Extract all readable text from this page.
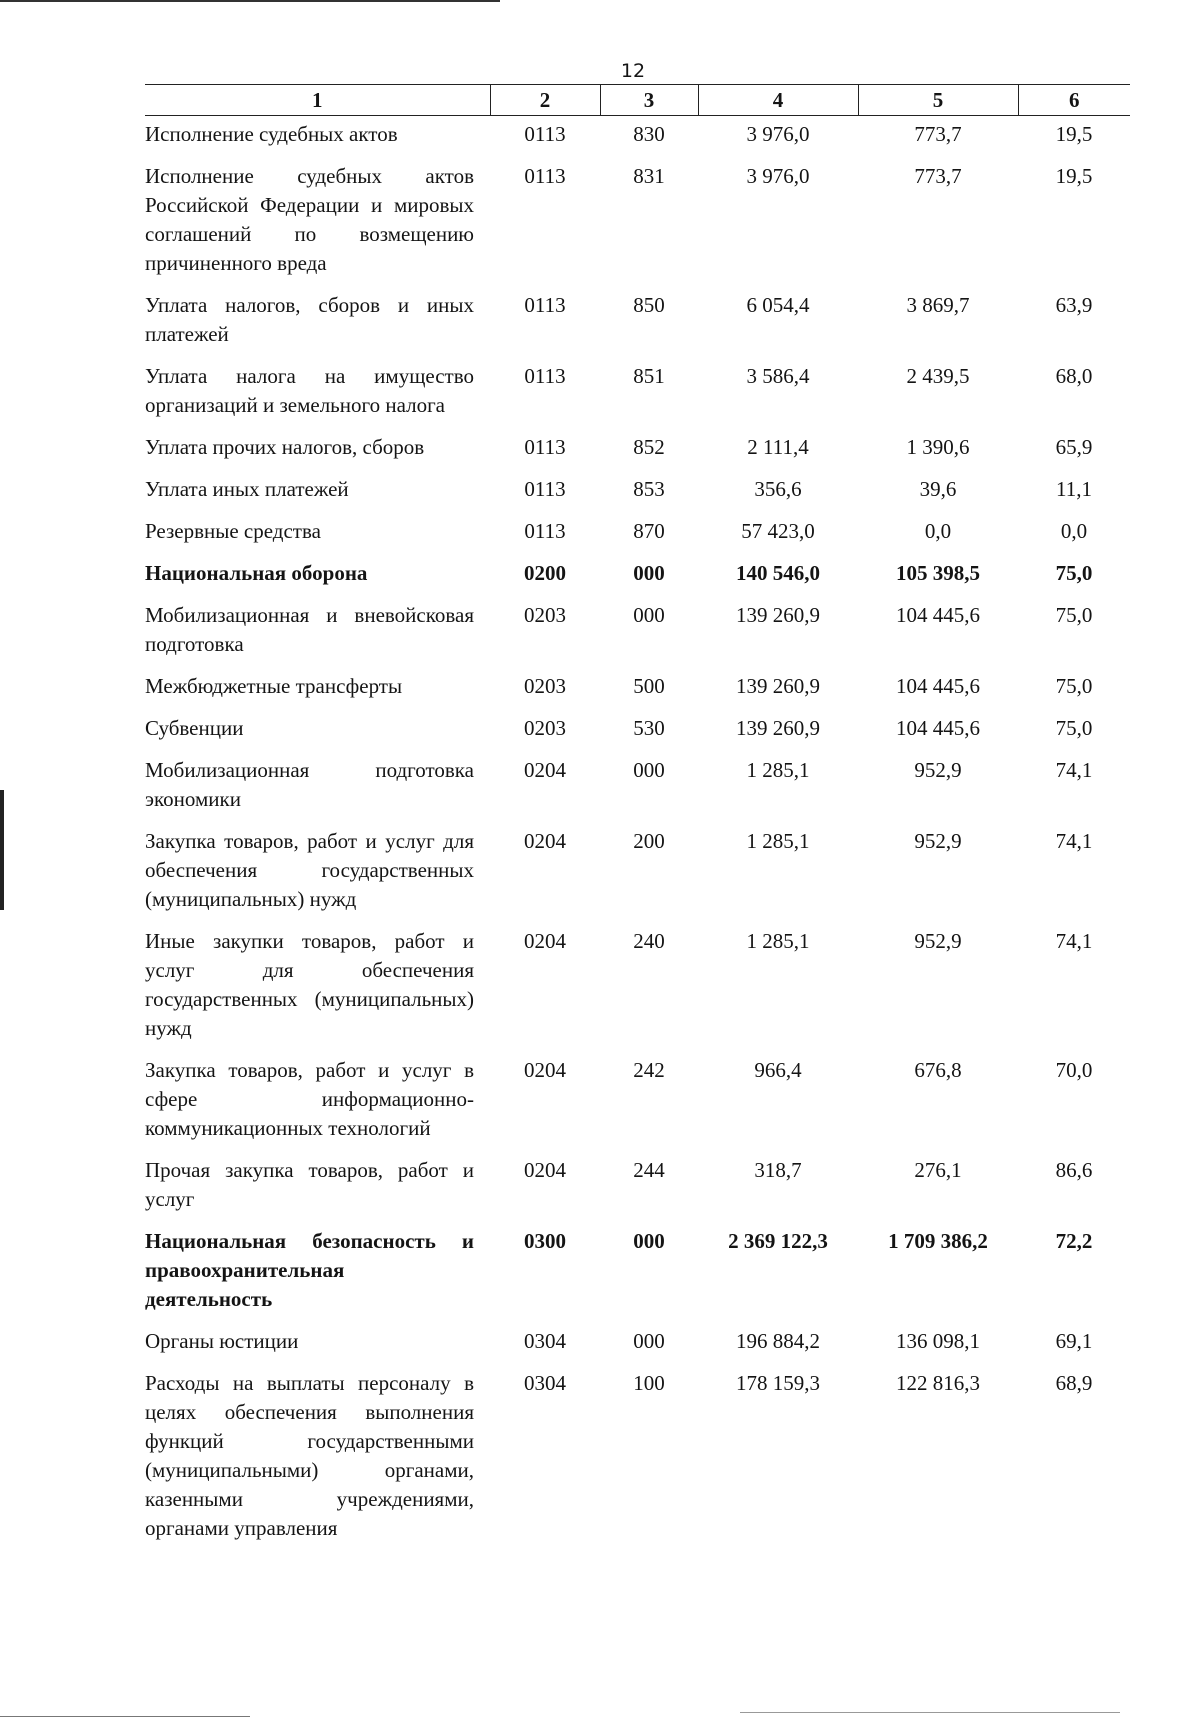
12
1	2	3	4	5	6
Исполнение судебных актов	0113	830	3 976,0	773,7	19,5
Исполнение судебных актов Российской Федерации и мировых соглашений по возмещению причиненного вреда	0113	831	3 976,0	773,7	19,5
Уплата налогов, сборов и иных платежей	0113	850	6 054,4	3 869,7	63,9
Уплата налога на имущество организаций и земельного налога	0113	851	3 586,4	2 439,5	68,0
Уплата прочих налогов, сборов	0113	852	2 111,4	1 390,6	65,9
Уплата иных платежей	0113	853	356,6	39,6	11,1
Резервные средства	0113	870	57 423,0	0,0	0,0
Национальная оборона	0200	000	140 546,0	105 398,5	75,0
Мобилизационная и вневойсковая подготовка	0203	000	139 260,9	104 445,6	75,0
Межбюджетные трансферты	0203	500	139 260,9	104 445,6	75,0
Субвенции	0203	530	139 260,9	104 445,6	75,0
Мобилизационная подготовка экономики	0204	000	1 285,1	952,9	74,1
Закупка товаров, работ и услуг для обеспечения государственных (муниципальных) нужд	0204	200	1 285,1	952,9	74,1
Иные закупки товаров, работ и услуг для обеспечения государственных (муниципальных) нужд	0204	240	1 285,1	952,9	74,1
Закупка товаров, работ и услуг в сфере информационно-коммуникационных технологий	0204	242	966,4	676,8	70,0
Прочая закупка товаров, работ и услуг	0204	244	318,7	276,1	86,6
Национальная безопасность и правоохранительная деятельность	0300	000	2 369 122,3	1 709 386,2	72,2
Органы юстиции	0304	000	196 884,2	136 098,1	69,1
Расходы на выплаты персоналу в целях обеспечения выполнения функций государственными (муниципальными) органами, казенными учреждениями, органами управления	0304	100	178 159,3	122 816,3	68,9
